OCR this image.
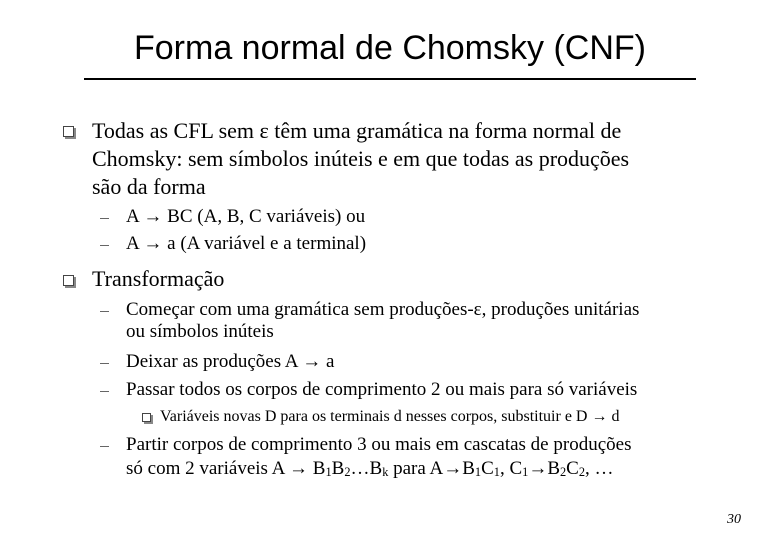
Forma normal de Chomsky (CNF)
Todas as CFL sem ε têm uma gramática na forma normal de
Chomsky: sem símbolos inúteis e em que todas as produções
são da forma
A → BC (A, B, C variáveis) ou
A → a (A variável e a terminal)
Transformação
Começar com uma gramática sem produções-ε, produções unitárias
ou símbolos inúteis
Deixar as produções A → a
Passar todos os corpos de comprimento 2 ou mais para só variáveis
Variáveis novas D para os terminais d nesses corpos, substituir e D → d
Partir corpos de comprimento 3 ou mais em cascatas de produções
só com 2 variáveis $A \to B_1B_2\dots B_k$ para $A\to B_1C_1$, $C_1\to B_2C_2$, …
30
